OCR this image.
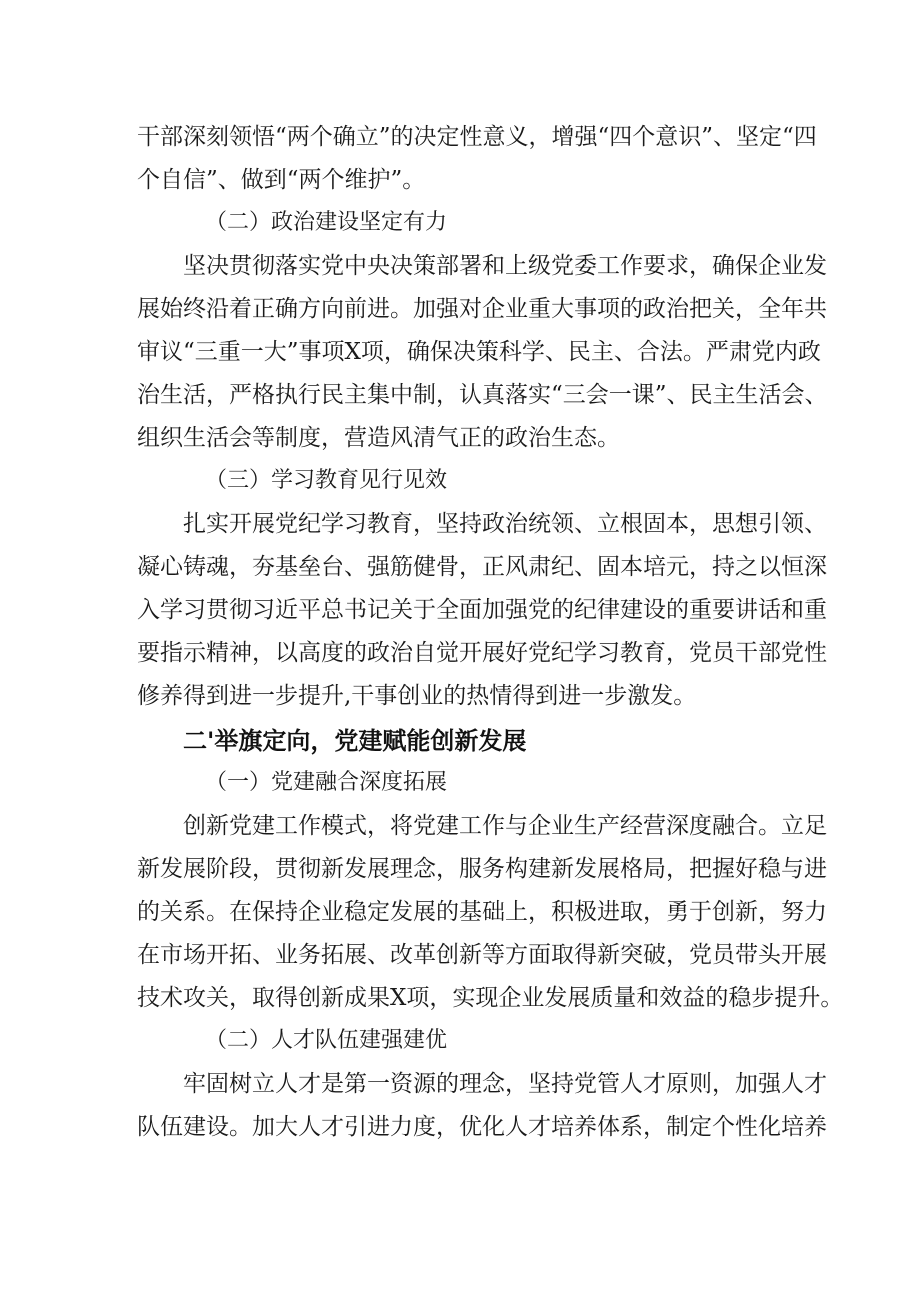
干部深刻领悟“两个确立”的决定性意义，增强“四个意识”、坚定“四

个自信”、做到“两个维护”。

（二）政治建设坚定有力

坚决贯彻落实党中央决策部署和上级党委工作要求，确保企业发

展始终沿着正确方向前进。加强对企业重大事项的政治把关，全年共

审议“三重一大”事项X项，确保决策科学、民主、合法。严肃党内政

治生活，严格执行民主集中制，认真落实“三会一课”、民主生活会、

组织生活会等制度，营造风清气正的政治生态。

（三）学习教育见行见效

扎实开展党纪学习教育，坚持政治统领、立根固本，思想引领、

凝心铸魂，夯基垒台、强筋健骨，正风肃纪、固本培元，持之以恒深

入学习贯彻习近平总书记关于全面加强党的纪律建设的重要讲话和重

要指示精神，以高度的政治自觉开展好党纪学习教育，党员干部党性

修养得到进一步提升,干事创业的热情得到进一步激发。

二'举旗定向，党建赋能创新发展

（一）党建融合深度拓展

创新党建工作模式，将党建工作与企业生产经营深度融合。立足

新发展阶段，贯彻新发展理念，服务构建新发展格局，把握好稳与进

的关系。在保持企业稳定发展的基础上，积极进取，勇于创新，努力

在市场开拓、业务拓展、改革创新等方面取得新突破，党员带头开展

技术攻关，取得创新成果X项，实现企业发展质量和效益的稳步提升。

（二）人才队伍建强建优

牢固树立人才是第一资源的理念，坚持党管人才原则，加强人才

队伍建设。加大人才引进力度，优化人才培养体系，制定个性化培养
